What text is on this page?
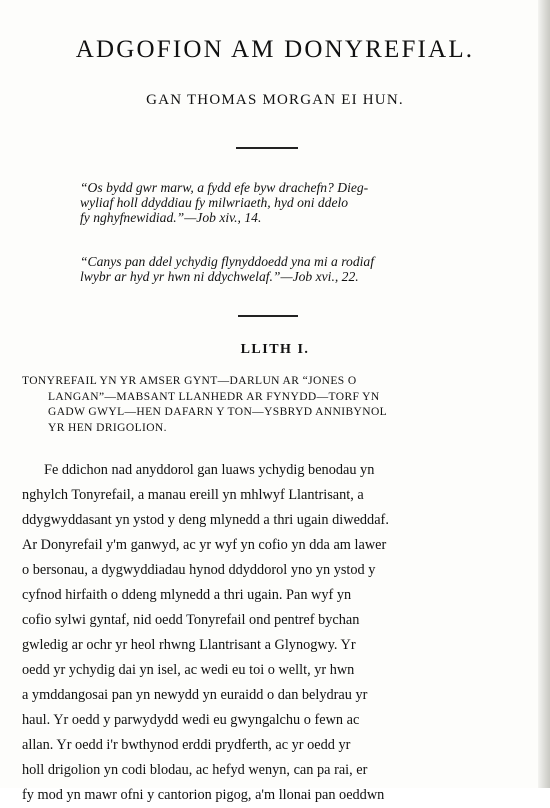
ADGOFION AM DONYREFIAL.
GAN THOMAS MORGAN EI HUN.

“Os bydd gwr marw, a fydd efe byw drachefn? Dieg-
wyliaf holl ddyddiau fy milwriaeth, hyd oni ddelo
fy nghyfnewidiad.”—Job xiv., 14.

“Canys pan ddel ychydig flynyddoedd yna mi a rodiaf
lwybr ar hyd yr hwn ni ddychwelaf.”—Job xvi., 22.

LLITH I.

TONYREFAIL YN YR AMSER GYNT—DARLUN AR “JONES O
LANGAN”—MABSANT LLANHEDR AR FYNYDD—TORF YN
GADW GWYL—HEN DAFARN Y TON—YSBRYD ANNIBYNOL
YR HEN DRIGOLION.

Fe ddichon nad anyddorol gan luaws ychydig benodau yn
nghylch Tonyrefail, a manau ereill yn mhlwyf Llantrisant, a
ddygwyddasant yn ystod y deng mlynedd a thri ugain diweddaf.
Ar Donyrefail y'm ganwyd, ac yr wyf yn cofio yn dda am lawer
o bersonau, a dygwyddiadau hynod ddyddorol yno yn ystod y
cyfnod hirfaith o ddeng mlynedd a thri ugain. Pan wyf yn
cofio sylwi gyntaf, nid oedd Tonyrefail ond pentref bychan
gwledig ar ochr yr heol rhwng Llantrisant a Glynogwy. Yr
oedd yr ychydig dai yn isel, ac wedi eu toi o wellt, yr hwn
a ymddangosai pan yn newydd yn euraidd o dan belydrau yr
haul. Yr oedd y parwydydd wedi eu gwyngalchu o fewn ac
allan. Yr oedd i'r bwthynod erddi prydferth, ac yr oedd yr
holl drigolion yn codi blodau, ac hefyd wenyn, can pa rai, er
fy mod yn mawr ofni y cantorion pigog, a'm llonai pan oeddwn
